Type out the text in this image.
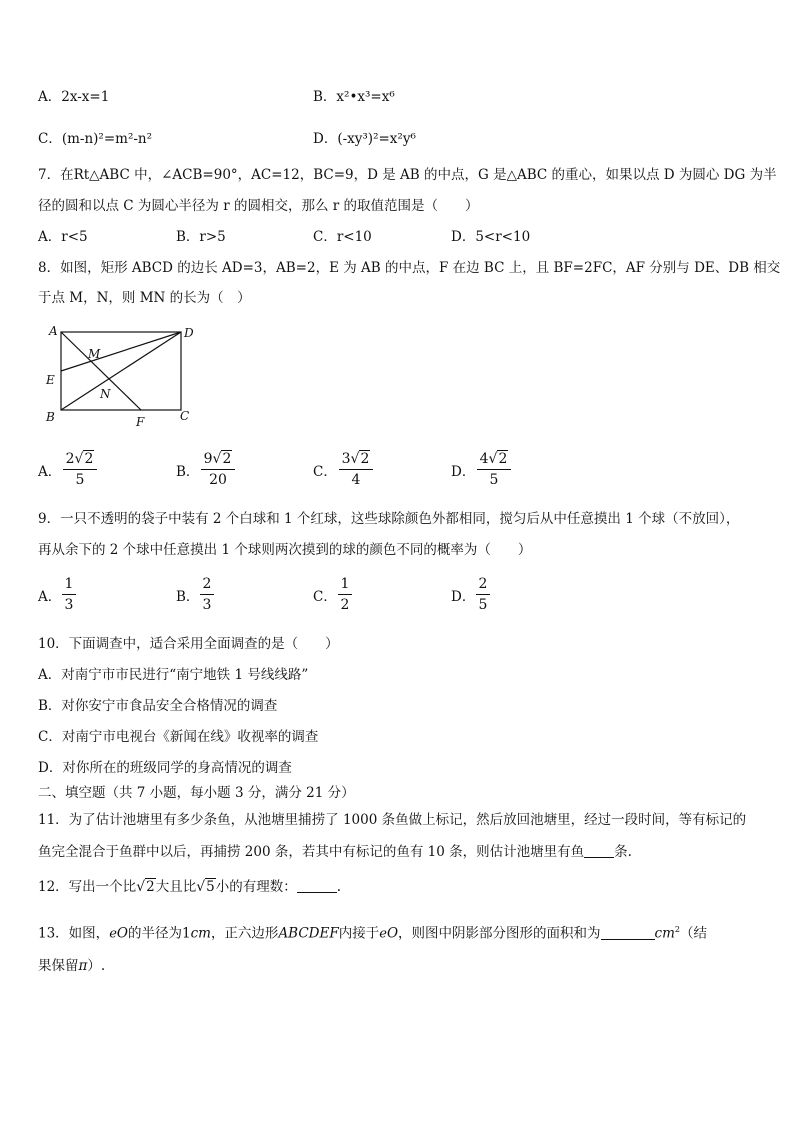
A．2x-x=1	B．x²•x³=x⁶
C．(m-n)²=m²-n²	D．(-xy³)²=x²y⁶
7．在Rt△ABC 中，∠ACB=90°，AC=12，BC=9，D 是 AB 的中点，G 是△ABC 的重心，如果以点 D 为圆心 DG 为半
径的圆和以点 C 为圆心半径为 r 的圆相交，那么 r 的取值范围是（　　）
A．r<5	B．r>5	C．r<10	D．5<r<10
8．如图，矩形 ABCD 的边长 AD=3，AB=2，E 为 AB 的中点，F 在边 BC 上，且 BF=2FC，AF 分别与 DE、DB 相交
于点 M，N，则 MN 的长为（　）
A	D
M
E
N
B	F	C
A．
2√2
5	B．
9√2
20	C．
3√2
4	D．
4√2
5
9．一只不透明的袋子中装有 2 个白球和 1 个红球，这些球除颜色外都相同，搅匀后从中任意摸出 1 个球（不放回），
再从余下的 2 个球中任意摸出 1 个球则两次摸到的球的颜色不同的概率为（　　）
A．
1
3	B．
2
3	C．
1
2	D．
2
5
10．下面调查中，适合采用全面调查的是（　　）
A．对南宁市市民进行“南宁地铁 1 号线线路”
B．对你安宁市食品安全合格情况的调查
C．对南宁市电视台《新闻在线》收视率的调查
D．对你所在的班级同学的身高情况的调查
二、填空题（共 7 小题，每小题 3 分，满分 21 分）
11．为了估计池塘里有多少条鱼，从池塘里捕捞了 1000 条鱼做上标记，然后放回池塘里，经过一段时间，等有标记的
鱼完全混合于鱼群中以后，再捕捞 200 条，若其中有标记的鱼有 10 条，则估计池塘里有鱼 条.
12．写出一个比√2大且比√5小的有理数：	.
13．如图，eO的半径为1cm，正六边形ABCDEF内接于eO，则图中阴影部分图形的面积和为	$cm^2$（结
果保留π）.
